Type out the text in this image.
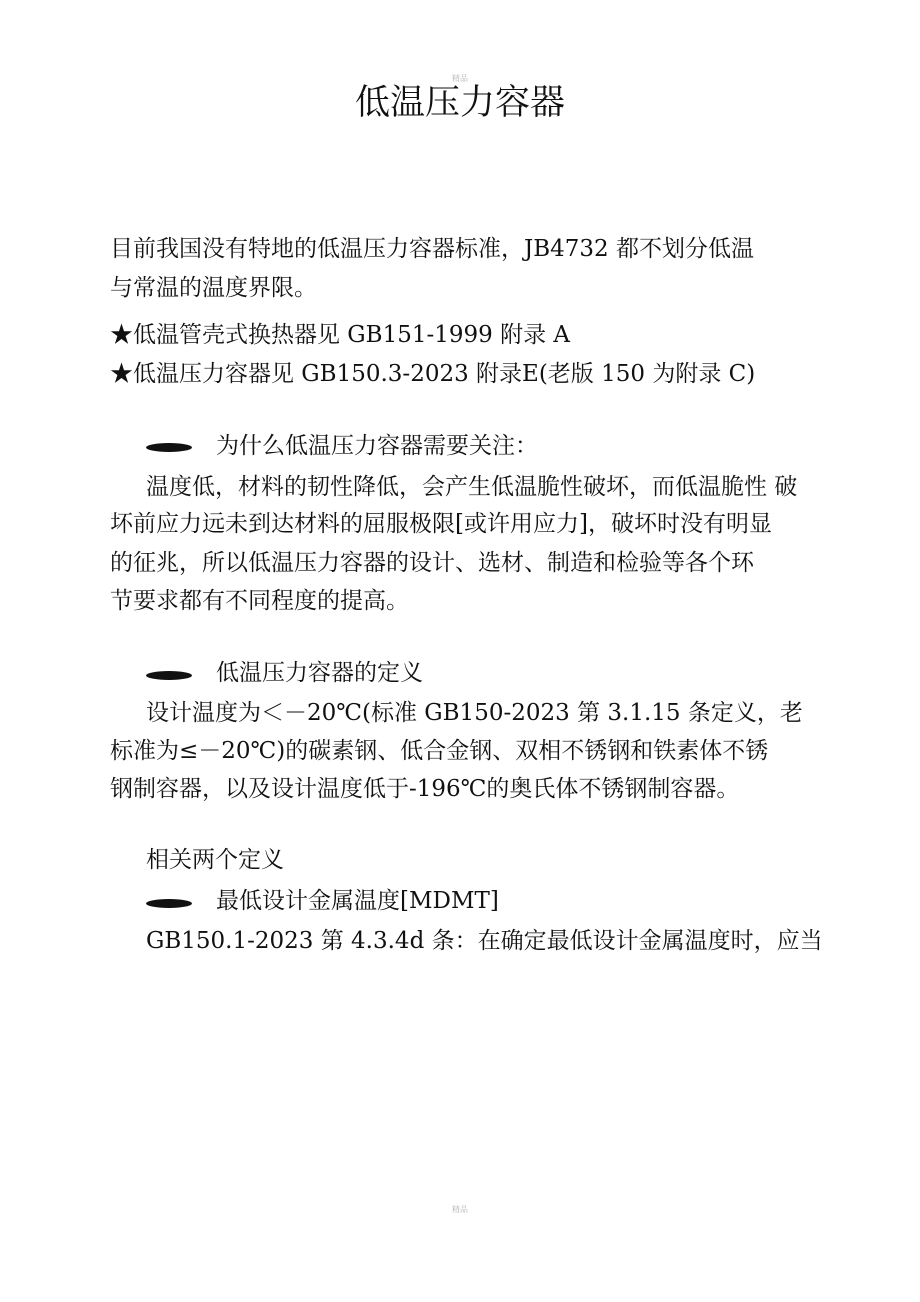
精品
低温压力容器
目前我国没有特地的低温压力容器标准，JB4732 都不划分低温
与常温的温度界限。
★低温管壳式换热器见 GB151-1999 附录 A
★低温压力容器见 GB150.3-2023 附录E(老版 150 为附录 C)
为什么低温压力容器需要关注：
温度低，材料的韧性降低，会产生低温脆性破坏，而低温脆性 破
坏前应力远未到达材料的屈服极限[或许用应力]，破坏时没有明显
的征兆，所以低温压力容器的设计、选材、制造和检验等各个环
节要求都有不同程度的提高。
低温压力容器的定义
设计温度为＜－20℃(标准 GB150-2023 第 3.1.15 条定义，老
标准为≤－20℃)的碳素钢、低合金钢、双相不锈钢和铁素体不锈
钢制容器，以及设计温度低于-196℃的奥氏体不锈钢制容器。
相关两个定义
最低设计金属温度[MDMT]
GB150.1-2023 第 4.3.4d 条：在确定最低设计金属温度时，应当
精品
